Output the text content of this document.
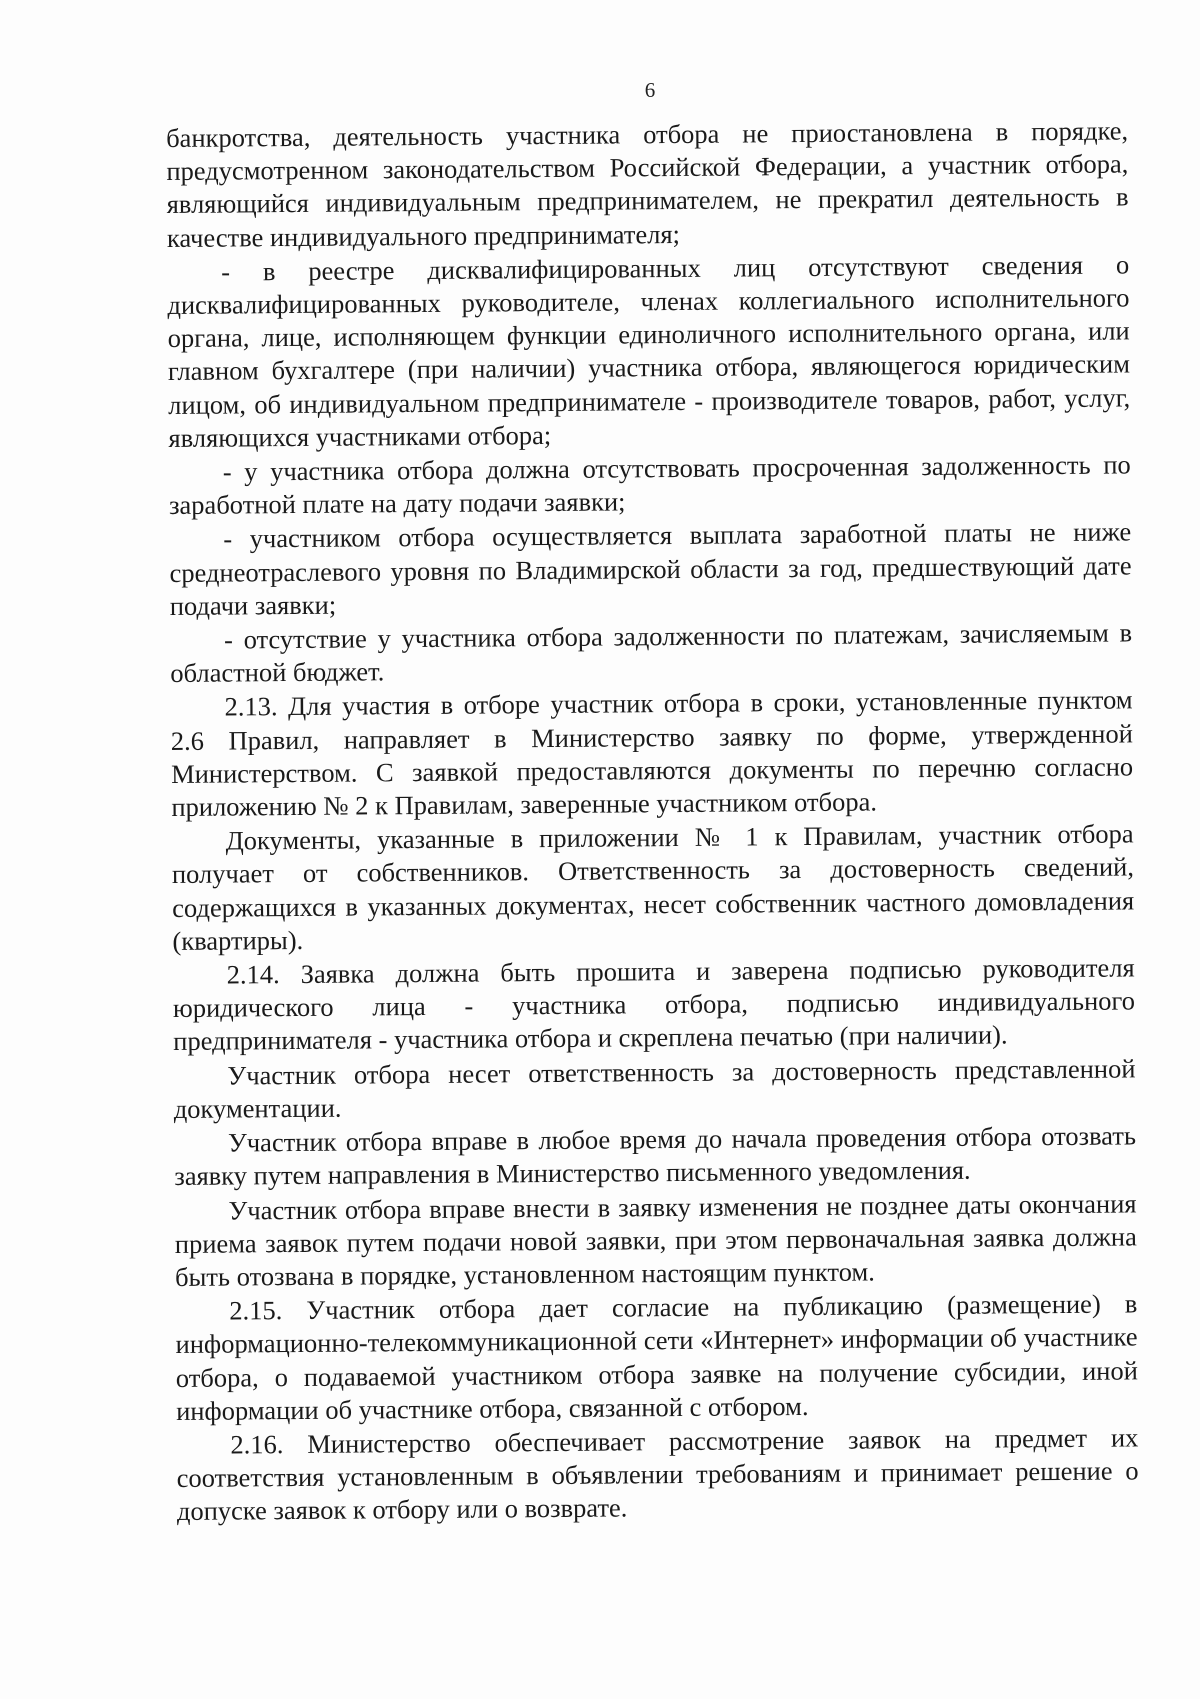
6

банкротства, деятельность участника отбора не приостановлена в порядке, предусмотренном законодательством Российской Федерации, а участник отбора, являющийся индивидуальным предпринимателем, не прекратил деятельность в качестве индивидуального предпринимателя;

- в реестре дисквалифицированных лиц отсутствуют сведения о дисквалифицированных руководителе, членах коллегиального исполнительного органа, лице, исполняющем функции единоличного исполнительного органа, или главном бухгалтере (при наличии) участника отбора, являющегося юридическим лицом, об индивидуальном предпринимателе - производителе товаров, работ, услуг, являющихся участниками отбора;

- у участника отбора должна отсутствовать просроченная задолженность по заработной плате на дату подачи заявки;

- участником отбора осуществляется выплата заработной платы не ниже среднеотраслевого уровня по Владимирской области за год, предшествующий дате подачи заявки;

- отсутствие у участника отбора задолженности по платежам, зачисляемым в областной бюджет.

2.13. Для участия в отборе участник отбора в сроки, установленные пунктом 2.6 Правил, направляет в Министерство заявку по форме, утвержденной Министерством. С заявкой предоставляются документы по перечню согласно приложению № 2 к Правилам, заверенные участником отбора.

Документы, указанные в приложении № 1 к Правилам, участник отбора получает от собственников. Ответственность за достоверность сведений, содержащихся в указанных документах, несет собственник частного домовладения (квартиры).

2.14. Заявка должна быть прошита и заверена подписью руководителя юридического лица - участника отбора, подписью индивидуального предпринимателя - участника отбора и скреплена печатью (при наличии).

Участник отбора несет ответственность за достоверность представленной документации.

Участник отбора вправе в любое время до начала проведения отбора отозвать заявку путем направления в Министерство письменного уведомления.

Участник отбора вправе внести в заявку изменения не позднее даты окончания приема заявок путем подачи новой заявки, при этом первоначальная заявка должна быть отозвана в порядке, установленном настоящим пунктом.

2.15. Участник отбора дает согласие на публикацию (размещение) в информационно-телекоммуникационной сети «Интернет» информации об участнике отбора, о подаваемой участником отбора заявке на получение субсидии, иной информации об участнике отбора, связанной с отбором.

2.16. Министерство обеспечивает рассмотрение заявок на предмет их соответствия установленным в объявлении требованиям и принимает решение о допуске заявок к отбору или о возврате.
